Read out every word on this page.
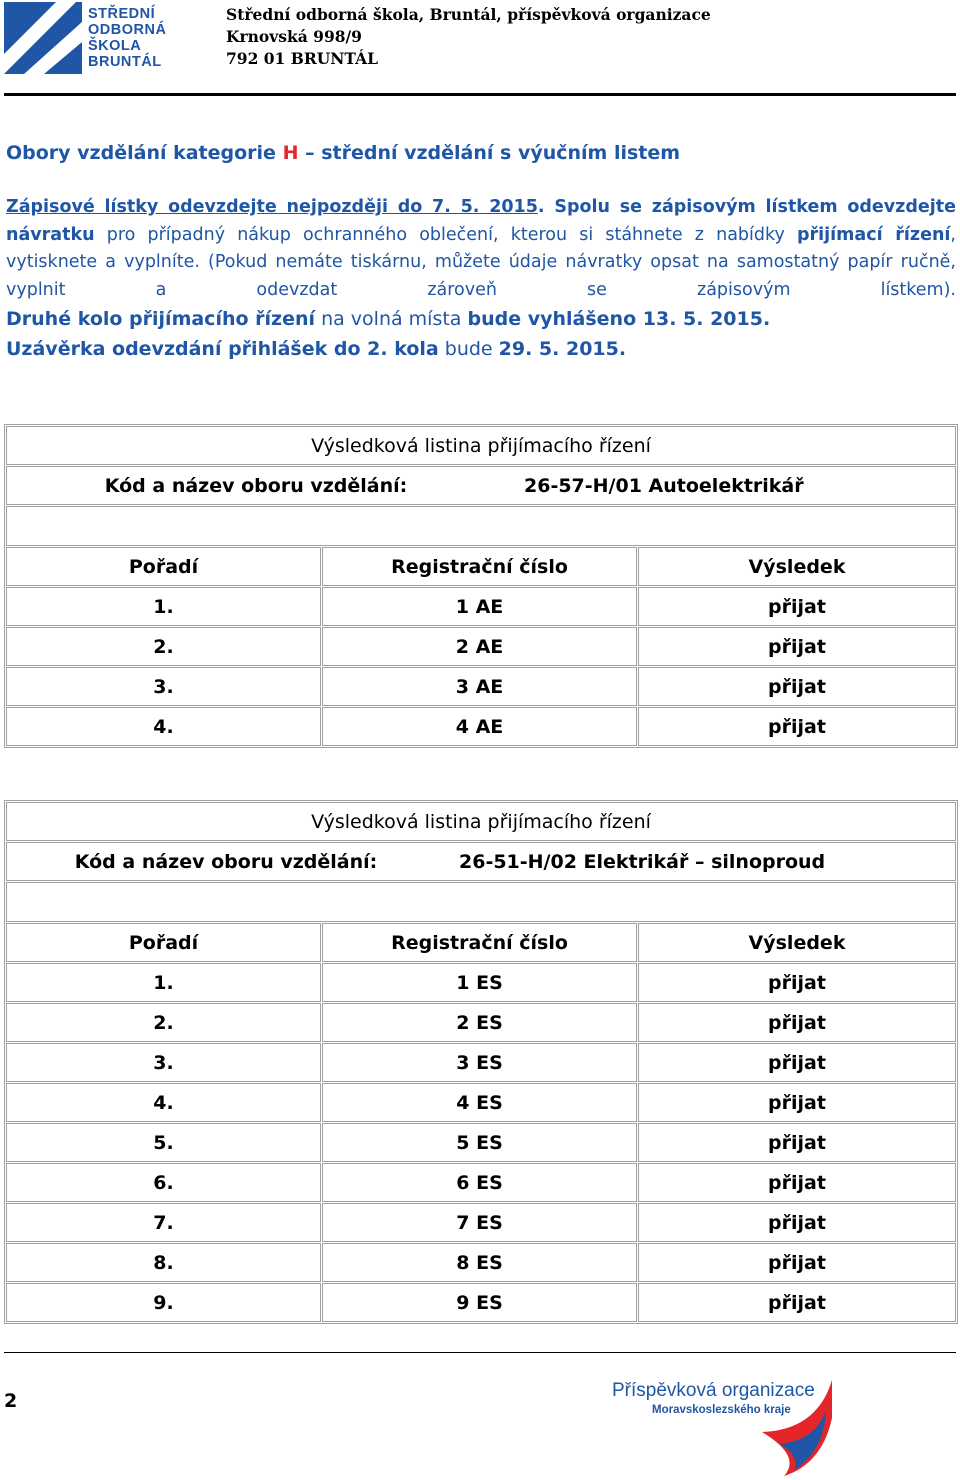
STŘEDNÍ
ODBORNÁ
ŠKOLA
BRUNTÁL
Střední odborná škola, Bruntál, příspěvková organizace
Krnovská 998/9
792 01 BRUNTÁL
Obory vzdělání kategorie H – střední vzdělání s výučním listem

Zápisové lístky odevzdejte nejpozději do 7. 5. 2015. Spolu se zápisovým lístkem odevzdejte návratku pro případný nákup ochranného oblečení, kterou si stáhnete z nabídky přijímací řízení, vytisknete a vyplníte. (Pokud nemáte tiskárnu, můžete údaje návratky opsat na samostatný papír ručně, vyplnit a odevzdat zároveň se zápisovým lístkem).

Druhé kolo přijímacího řízení na volná místa bude vyhlášeno 13. 5. 2015.

Uzávěrka odevzdání přihlášek do 2. kola bude 29. 5. 2015.

Výsledková listina přijímacího řízení		

Kód a název oboru vzdělání: 26-57-H/01 Autoelektrikář		

Pořadí	Registrační číslo	Výsledek
1.	1 AE	přijat
2.	2 AE	přijat
3.	3 AE	přijat
4.	4 AE	přijat
Výsledková listina přijímacího řízení		

Kód a název oboru vzdělání: 26-51-H/02 Elektrikář – silnoproud		

Pořadí	Registrační číslo	Výsledek
1.	1 ES	přijat
2.	2 ES	přijat
3.	3 ES	přijat
4.	4 ES	přijat
5.	5 ES	přijat
6.	6 ES	přijat
7.	7 ES	přijat
8.	8 ES	přijat
9.	9 ES	přijat
2	Příspěvková organizace
Moravskoslezského kraje
